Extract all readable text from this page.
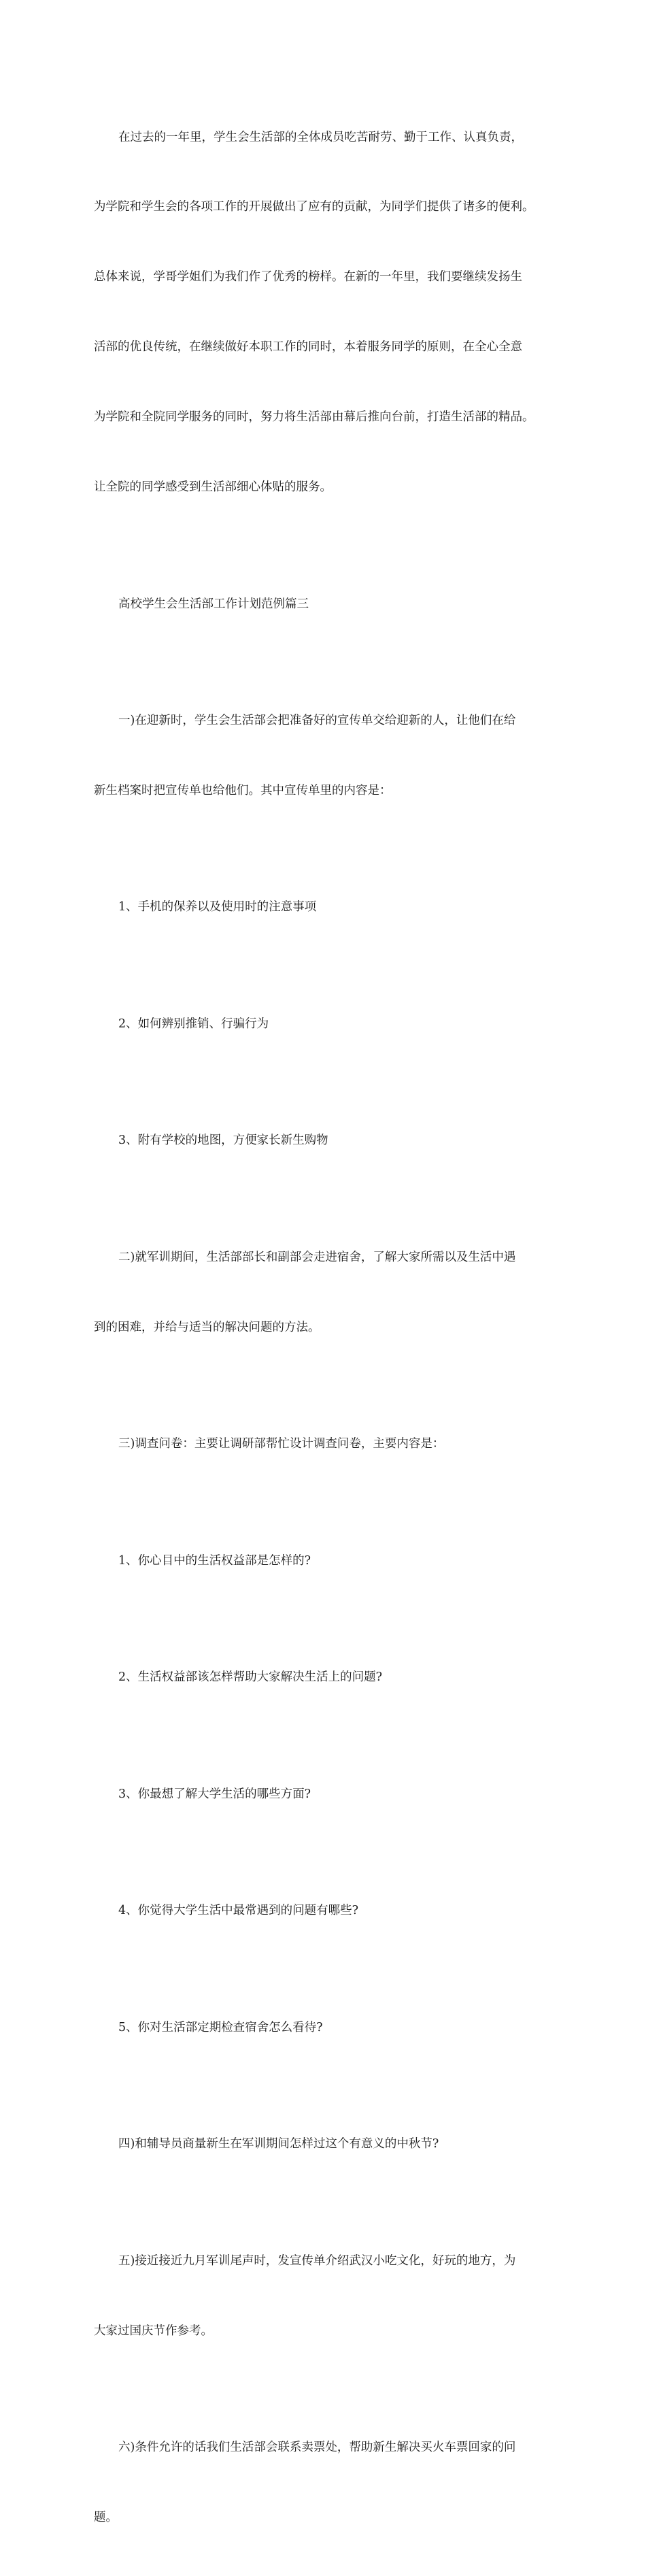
在过去的一年里，学生会生活部的全体成员吃苦耐劳、勤于工作、认真负责，

为学院和学生会的各项工作的开展做出了应有的贡献，为同学们提供了诸多的便利。

总体来说，学哥学姐们为我们作了优秀的榜样。在新的一年里，我们要继续发扬生

活部的优良传统，在继续做好本职工作的同时，本着服务同学的原则，在全心全意

为学院和全院同学服务的同时，努力将生活部由幕后推向台前，打造生活部的精品。

让全院的同学感受到生活部细心体贴的服务。

高校学生会生活部工作计划范例篇三

一)在迎新时，学生会生活部会把准备好的宣传单交给迎新的人，让他们在给

新生档案时把宣传单也给他们。其中宣传单里的内容是：

1、手机的保养以及使用时的注意事项

2、如何辨别推销、行骗行为

3、附有学校的地图，方便家长新生购物

二)就军训期间，生活部部长和副部会走进宿舍，了解大家所需以及生活中遇

到的困难，并给与适当的解决问题的方法。

三)调查问卷：主要让调研部帮忙设计调查问卷，主要内容是：

1、你心目中的生活权益部是怎样的?

2、生活权益部该怎样帮助大家解决生活上的问题?

3、你最想了解大学生活的哪些方面?

4、你觉得大学生活中最常遇到的问题有哪些?

5、你对生活部定期检查宿舍怎么看待?

四)和辅导员商量新生在军训期间怎样过这个有意义的中秋节?

五)接近接近九月军训尾声时，发宣传单介绍武汉小吃文化，好玩的地方，为

大家过国庆节作参考。

六)条件允许的话我们生活部会联系卖票处，帮助新生解决买火车票回家的问

题。
